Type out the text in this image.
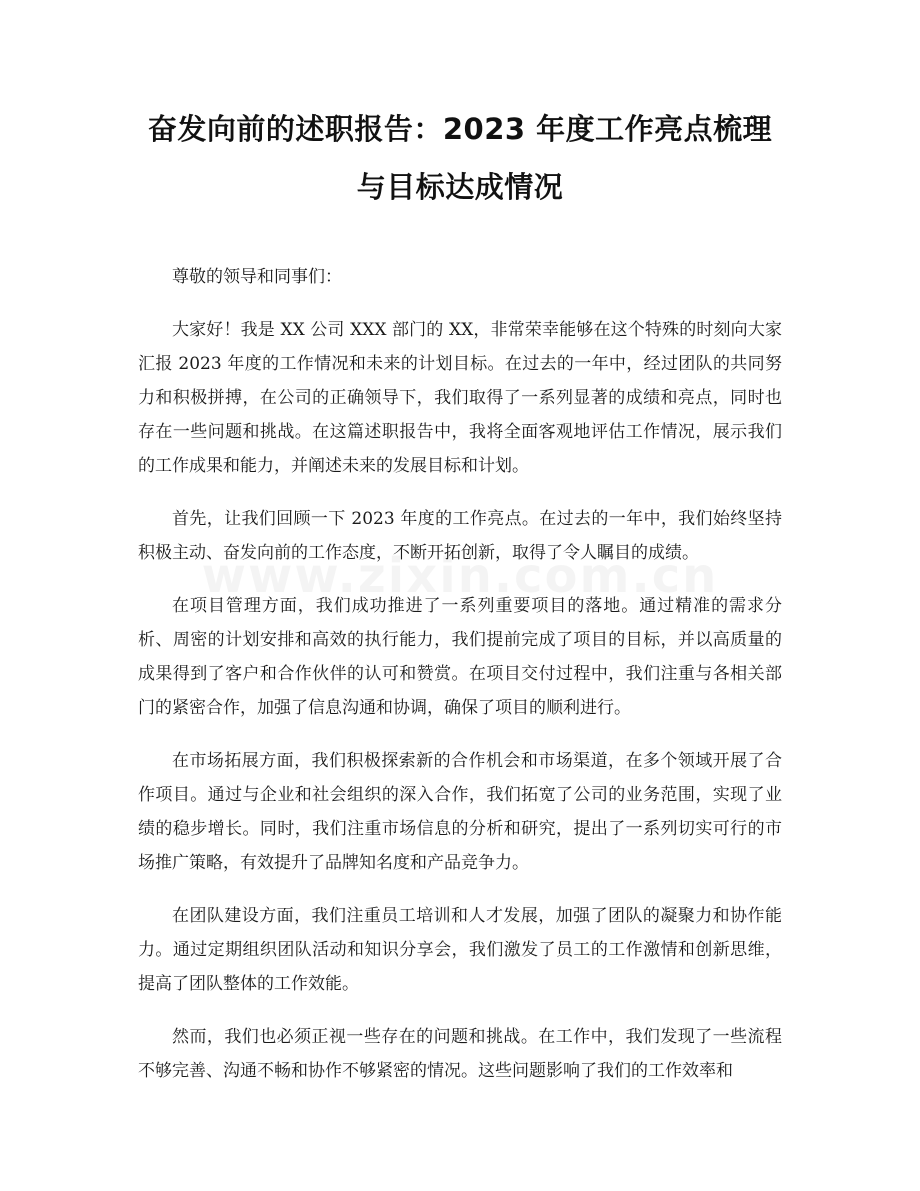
奋发向前的述职报告：2023 年度工作亮点梳理与目标达成情况

尊敬的领导和同事们：

大家好！我是 XX 公司 XXX 部门的 XX，非常荣幸能够在这个特殊的时刻向大家汇报 2023 年度的工作情况和未来的计划目标。在过去的一年中，经过团队的共同努力和积极拼搏，在公司的正确领导下，我们取得了一系列显著的成绩和亮点，同时也存在一些问题和挑战。在这篇述职报告中，我将全面客观地评估工作情况，展示我们的工作成果和能力，并阐述未来的发展目标和计划。

首先，让我们回顾一下 2023 年度的工作亮点。在过去的一年中，我们始终坚持积极主动、奋发向前的工作态度，不断开拓创新，取得了令人瞩目的成绩。

在项目管理方面，我们成功推进了一系列重要项目的落地。通过精准的需求分析、周密的计划安排和高效的执行能力，我们提前完成了项目的目标，并以高质量的成果得到了客户和合作伙伴的认可和赞赏。在项目交付过程中，我们注重与各相关部门的紧密合作，加强了信息沟通和协调，确保了项目的顺利进行。

在市场拓展方面，我们积极探索新的合作机会和市场渠道，在多个领域开展了合作项目。通过与企业和社会组织的深入合作，我们拓宽了公司的业务范围，实现了业绩的稳步增长。同时，我们注重市场信息的分析和研究，提出了一系列切实可行的市场推广策略，有效提升了品牌知名度和产品竞争力。

在团队建设方面，我们注重员工培训和人才发展，加强了团队的凝聚力和协作能力。通过定期组织团队活动和知识分享会，我们激发了员工的工作激情和创新思维，提高了团队整体的工作效能。

然而，我们也必须正视一些存在的问题和挑战。在工作中，我们发现了一些流程不够完善、沟通不畅和协作不够紧密的情况。这些问题影响了我们的工作效率和
